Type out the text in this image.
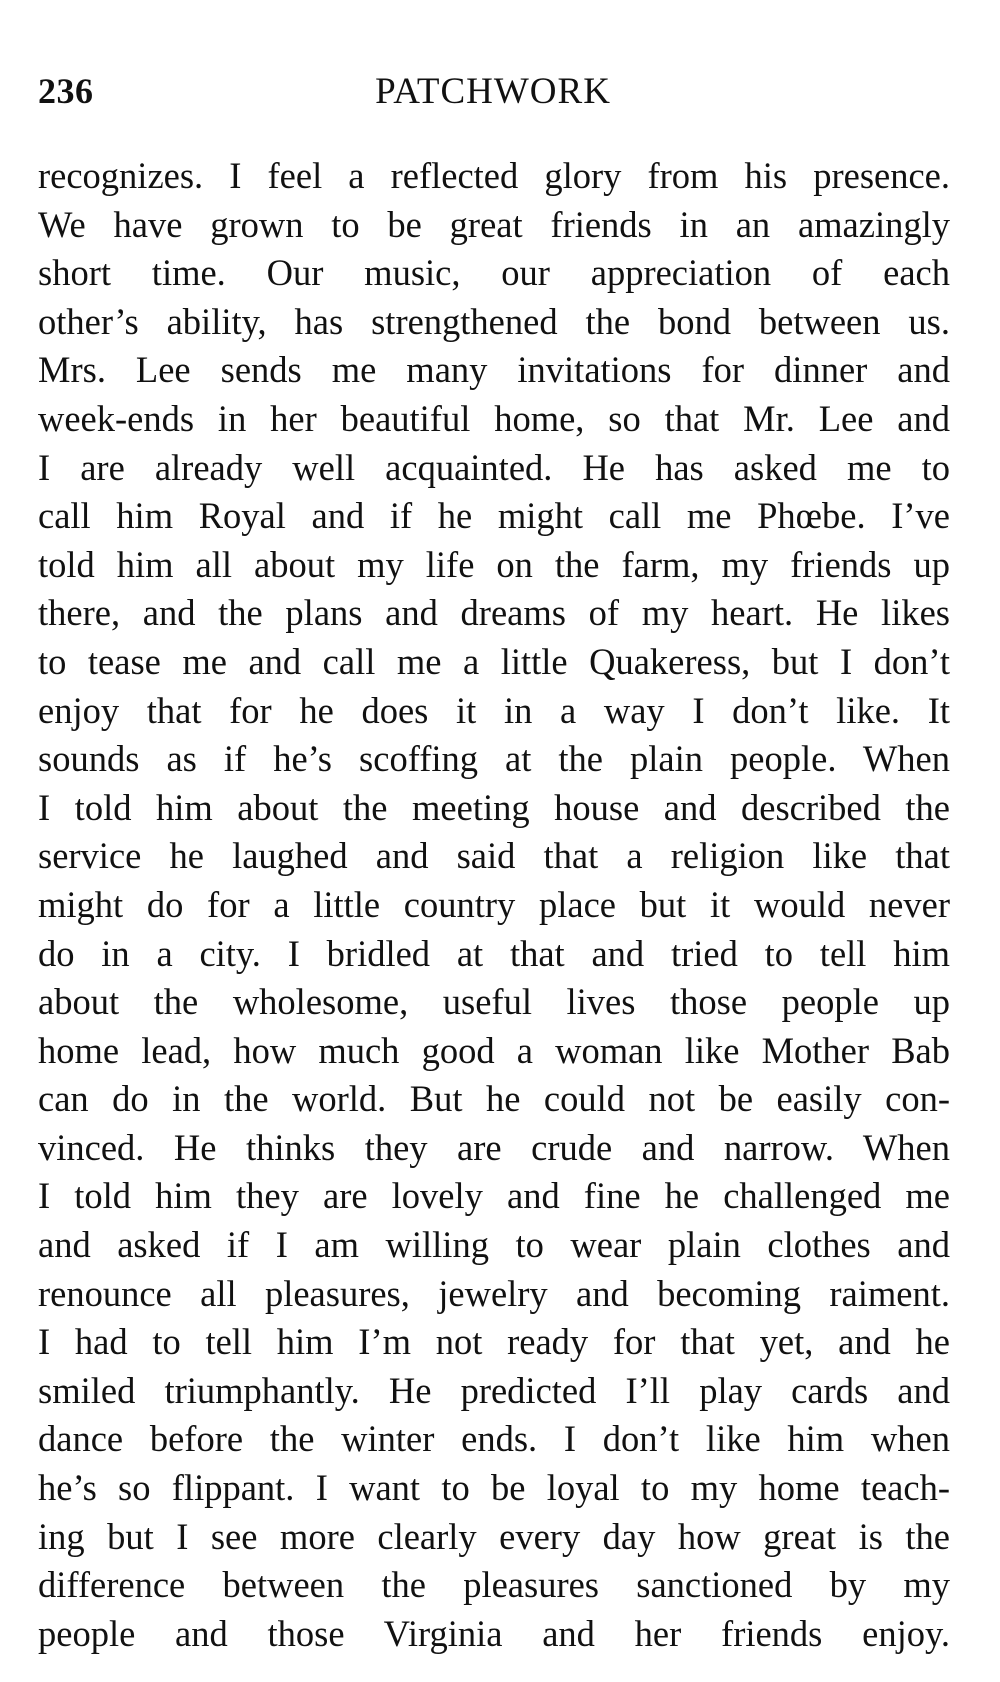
236	PATCHWORK
recognizes. I feel a reflected glory from his presence.
We have grown to be great friends in an amazingly
short time. Our music, our appreciation of each
other’s ability, has strengthened the bond between us.
Mrs. Lee sends me many invitations for dinner and
week-ends in her beautiful home, so that Mr. Lee and
I are already well acquainted. He has asked me to
call him Royal and if he might call me Phœbe. I’ve
told him all about my life on the farm, my friends up
there, and the plans and dreams of my heart. He likes
to tease me and call me a little Quakeress, but I don’t
enjoy that for he does it in a way I don’t like. It
sounds as if he’s scoffing at the plain people. When
I told him about the meeting house and described the
service he laughed and said that a religion like that
might do for a little country place but it would never
do in a city. I bridled at that and tried to tell him
about the wholesome, useful lives those people up
home lead, how much good a woman like Mother Bab
can do in the world. But he could not be easily con-
vinced. He thinks they are crude and narrow. When
I told him they are lovely and fine he challenged me
and asked if I am willing to wear plain clothes and
renounce all pleasures, jewelry and becoming raiment.
I had to tell him I’m not ready for that yet, and he
smiled triumphantly. He predicted I’ll play cards and
dance before the winter ends. I don’t like him when
he’s so flippant. I want to be loyal to my home teach-
ing but I see more clearly every day how great is the
difference between the pleasures sanctioned by my
people and those Virginia and her friends enjoy.
